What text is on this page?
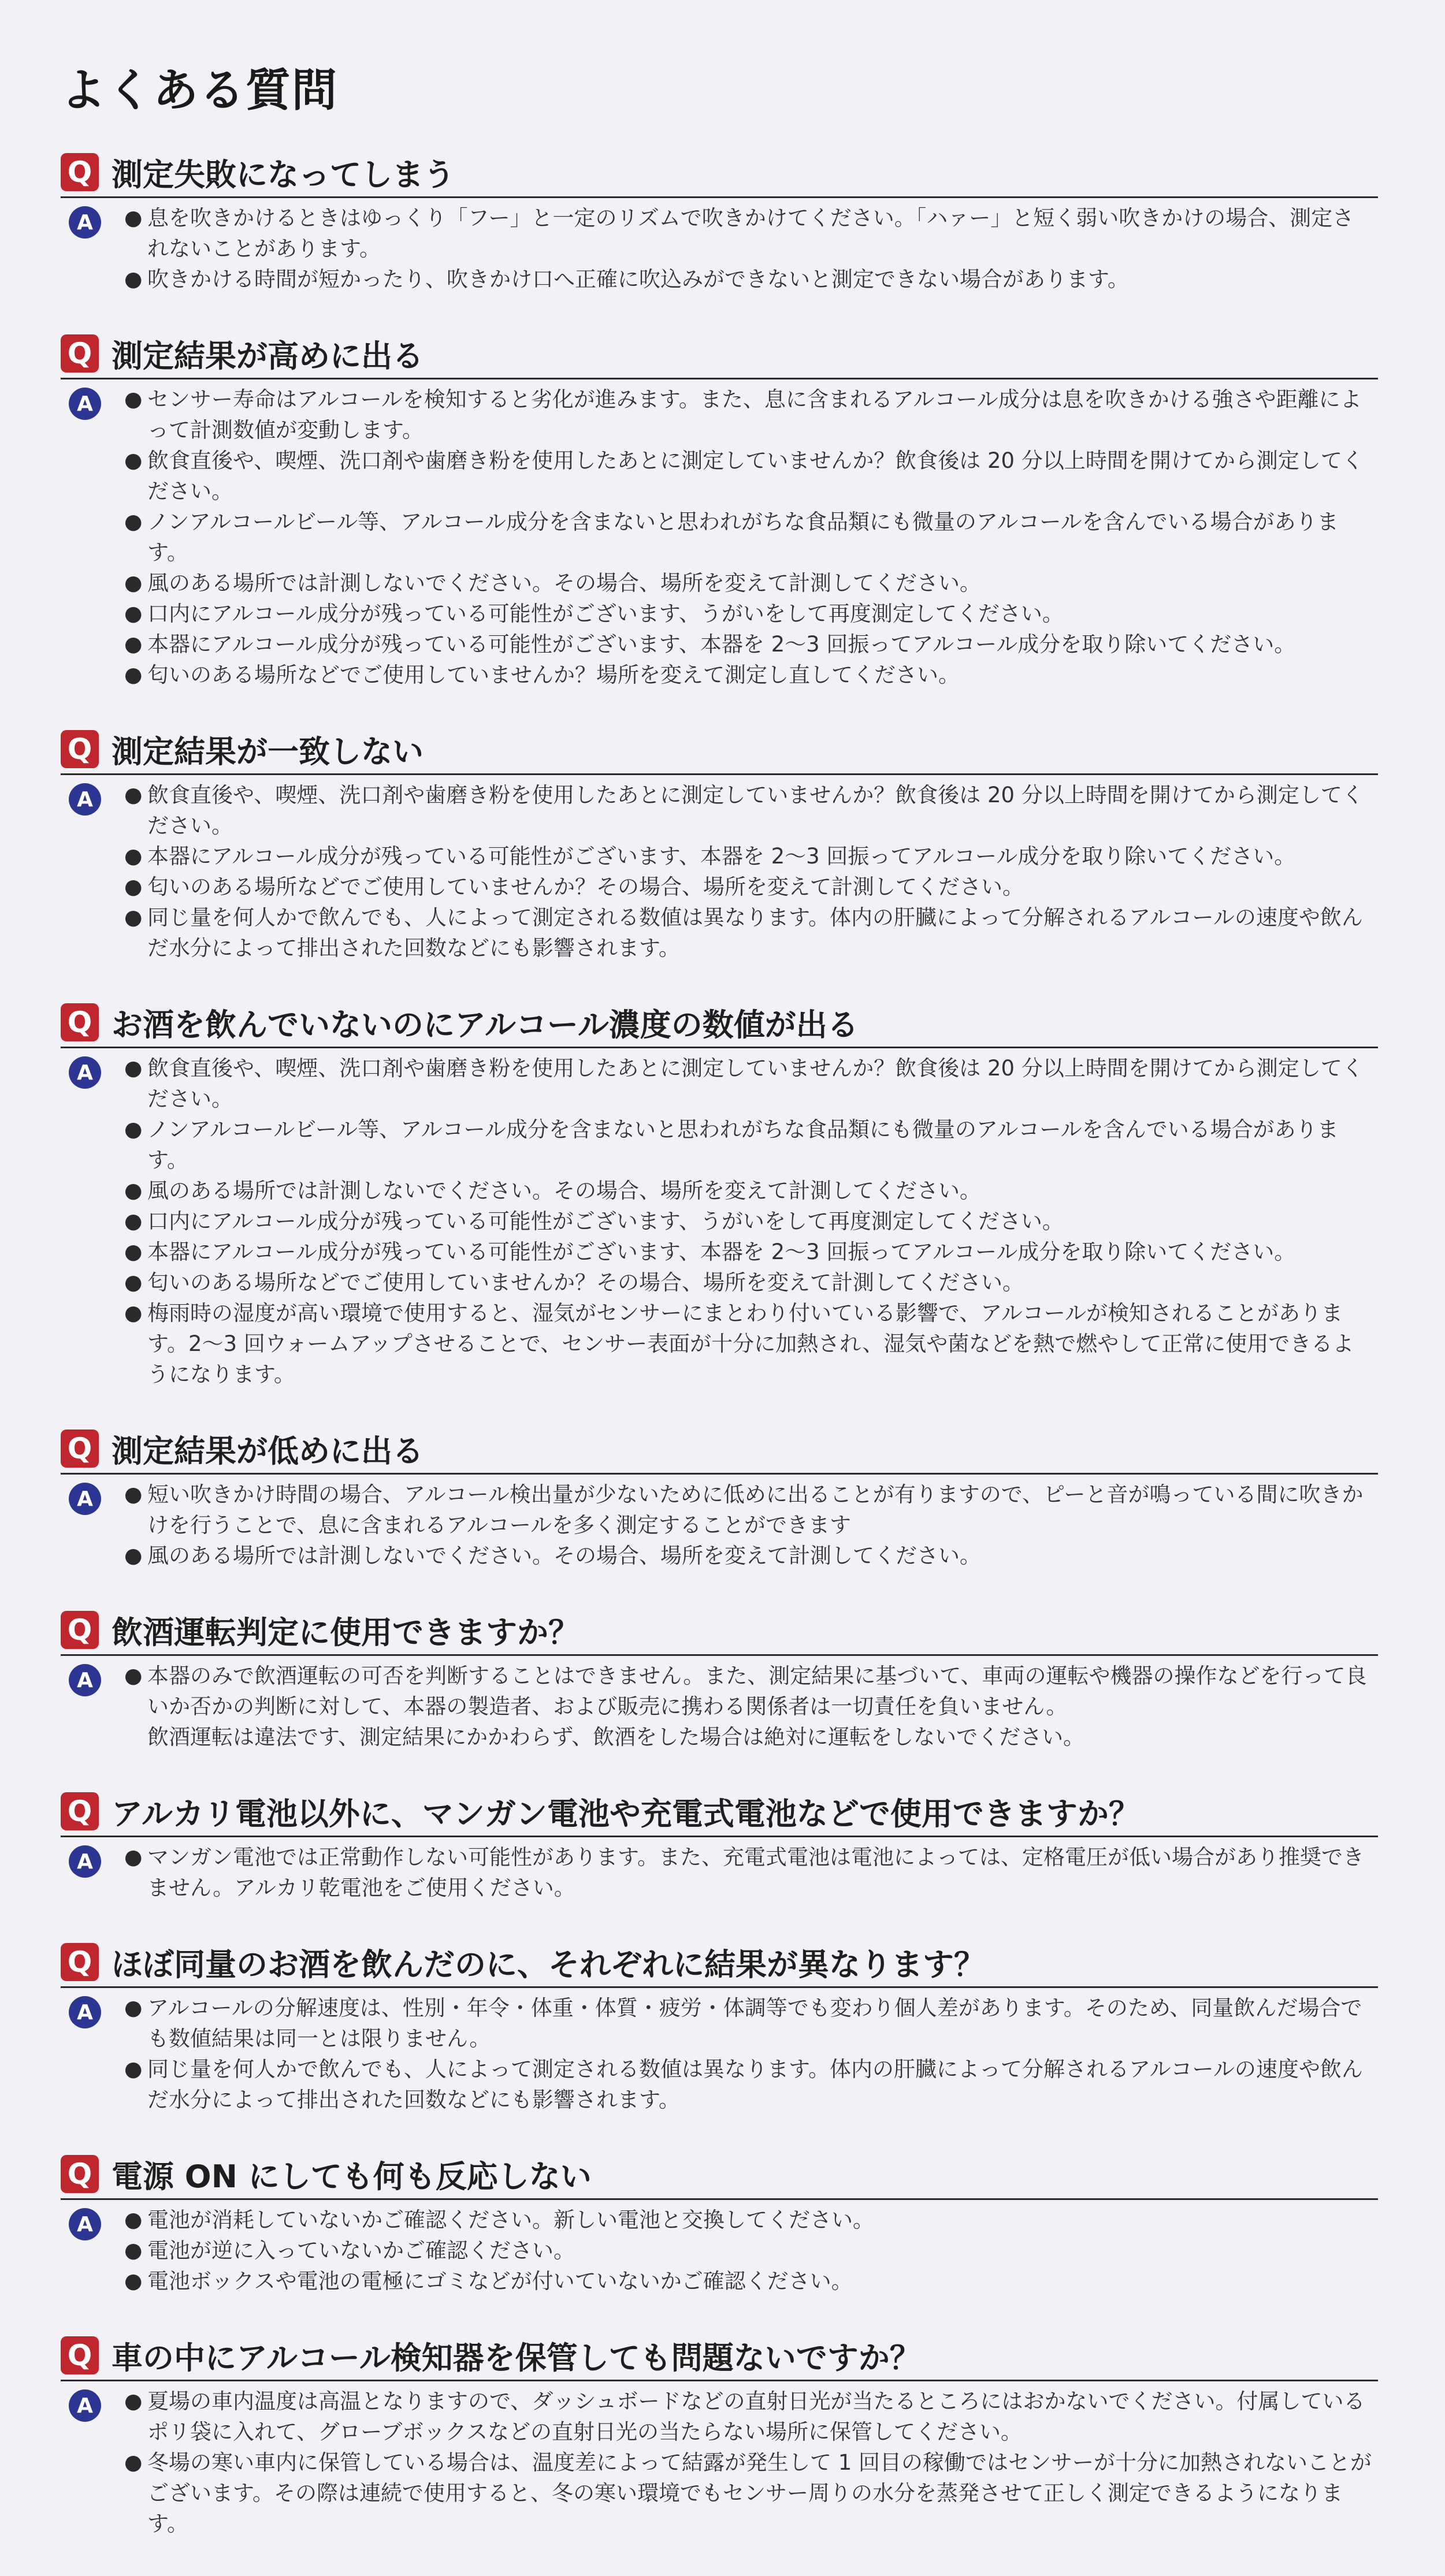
よくある質問
Q 測定失敗になってしまう
A	● 息を吹きかけるときはゆっくり「フー」と一定のリズムで吹きかけてください。「ハァー」と短く弱い吹きかけの場合、測定されないことがあります。
● 吹きかける時間が短かったり、吹きかけ口へ正確に吹込みができないと測定できない場合があります。
Q 測定結果が高めに出る
A	● センサー寿命はアルコールを検知すると劣化が進みます。また、息に含まれるアルコール成分は息を吹きかける強さや距離によって計測数値が変動します。
● 飲食直後や、喫煙、洗口剤や歯磨き粉を使用したあとに測定していませんか？飲食後は 20 分以上時間を開けてから測定してください。
● ノンアルコールビール等、アルコール成分を含まないと思われがちな食品類にも微量のアルコールを含んでいる場合があります。
● 風のある場所では計測しないでください。その場合、場所を変えて計測してください。
● 口内にアルコール成分が残っている可能性がございます、うがいをして再度測定してください。
● 本器にアルコール成分が残っている可能性がございます、本器を 2～3 回振ってアルコール成分を取り除いてください。
● 匂いのある場所などでご使用していませんか？場所を変えて測定し直してください。
Q 測定結果が一致しない
A	● 飲食直後や、喫煙、洗口剤や歯磨き粉を使用したあとに測定していませんか？飲食後は 20 分以上時間を開けてから測定してください。
● 本器にアルコール成分が残っている可能性がございます、本器を 2～3 回振ってアルコール成分を取り除いてください。
● 匂いのある場所などでご使用していませんか？その場合、場所を変えて計測してください。
● 同じ量を何人かで飲んでも、人によって測定される数値は異なります。体内の肝臓によって分解されるアルコールの速度や飲んだ水分によって排出された回数などにも影響されます。
Q お酒を飲んでいないのにアルコール濃度の数値が出る
A	● 飲食直後や、喫煙、洗口剤や歯磨き粉を使用したあとに測定していませんか？飲食後は 20 分以上時間を開けてから測定してください。
● ノンアルコールビール等、アルコール成分を含まないと思われがちな食品類にも微量のアルコールを含んでいる場合があります。
● 風のある場所では計測しないでください。その場合、場所を変えて計測してください。
● 口内にアルコール成分が残っている可能性がございます、うがいをして再度測定してください。
● 本器にアルコール成分が残っている可能性がございます、本器を 2～3 回振ってアルコール成分を取り除いてください。
● 匂いのある場所などでご使用していませんか？その場合、場所を変えて計測してください。
● 梅雨時の湿度が高い環境で使用すると、湿気がセンサーにまとわり付いている影響で、アルコールが検知されることがあります。2～3 回ウォームアップさせることで、センサー表面が十分に加熱され、湿気や菌などを熱で燃やして正常に使用できるようになります。
Q 測定結果が低めに出る
A	● 短い吹きかけ時間の場合、アルコール検出量が少ないために低めに出ることが有りますので、ピーと音が鳴っている間に吹きかけを行うことで、息に含まれるアルコールを多く測定することができます
● 風のある場所では計測しないでください。その場合、場所を変えて計測してください。
Q 飲酒運転判定に使用できますか？
A	● 本器のみで飲酒運転の可否を判断することはできません。また、測定結果に基づいて、車両の運転や機器の操作などを行って良いか否かの判断に対して、本器の製造者、および販売に携わる関係者は一切責任を負いません。
飲酒運転は違法です、測定結果にかかわらず、飲酒をした場合は絶対に運転をしないでください。
Q アルカリ電池以外に、マンガン電池や充電式電池などで使用できますか？
A	● マンガン電池では正常動作しない可能性があります。また、充電式電池は電池によっては、定格電圧が低い場合があり推奨できません。アルカリ乾電池をご使用ください。
Q ほぼ同量のお酒を飲んだのに、それぞれに結果が異なります？
A	● アルコールの分解速度は、性別・年令・体重・体質・疲労・体調等でも変わり個人差があります。そのため、同量飲んだ場合でも数値結果は同一とは限りません。
● 同じ量を何人かで飲んでも、人によって測定される数値は異なります。体内の肝臓によって分解されるアルコールの速度や飲んだ水分によって排出された回数などにも影響されます。
Q 電源 ON にしても何も反応しない
A	● 電池が消耗していないかご確認ください。新しい電池と交換してください。
● 電池が逆に入っていないかご確認ください。
● 電池ボックスや電池の電極にゴミなどが付いていないかご確認ください。
Q 車の中にアルコール検知器を保管しても問題ないですか？
A	● 夏場の車内温度は高温となりますので、ダッシュボードなどの直射日光が当たるところにはおかないでください。付属しているポリ袋に入れて、グローブボックスなどの直射日光の当たらない場所に保管してください。
● 冬場の寒い車内に保管している場合は、温度差によって結露が発生して 1 回目の稼働ではセンサーが十分に加熱されないことがございます。その際は連続で使用すると、冬の寒い環境でもセンサー周りの水分を蒸発させて正しく測定できるようになります。
